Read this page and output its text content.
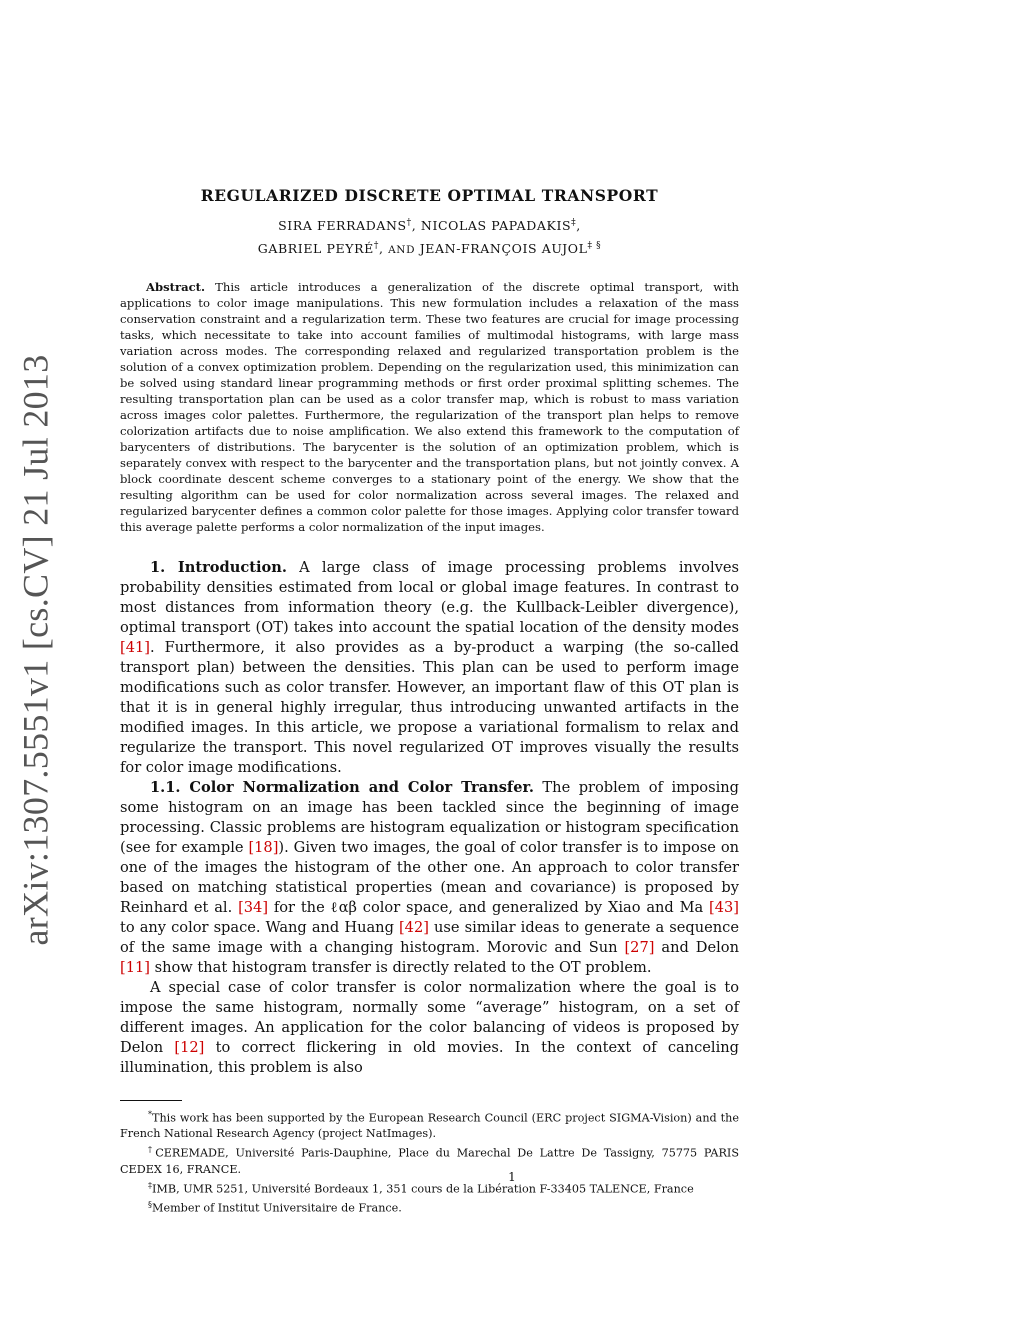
arXiv:1307.5551v1 [cs.CV] 21 Jul 2013
REGULARIZED DISCRETE OPTIMAL TRANSPORT
SIRA FERRADANS†, NICOLAS PAPADAKIS‡,
GABRIEL PEYRÉ†, AND JEAN-FRANÇOIS AUJOL‡ §
Abstract. This article introduces a generalization of the discrete optimal transport, with applications to color image manipulations. This new formulation includes a relaxation of the mass conservation constraint and a regularization term. These two features are crucial for image processing tasks, which necessitate to take into account families of multimodal histograms, with large mass variation across modes. The corresponding relaxed and regularized transportation problem is the solution of a convex optimization problem. Depending on the regularization used, this minimization can be solved using standard linear programming methods or first order proximal splitting schemes. The resulting transportation plan can be used as a color transfer map, which is robust to mass variation across images color palettes. Furthermore, the regularization of the transport plan helps to remove colorization artifacts due to noise amplification. We also extend this framework to the computation of barycenters of distributions. The barycenter is the solution of an optimization problem, which is separately convex with respect to the barycenter and the transportation plans, but not jointly convex. A block coordinate descent scheme converges to a stationary point of the energy. We show that the resulting algorithm can be used for color normalization across several images. The relaxed and regularized barycenter defines a common color palette for those images. Applying color transfer toward this average palette performs a color normalization of the input images.

1. Introduction. A large class of image processing problems involves probability densities estimated from local or global image features. In contrast to most distances from information theory (e.g. the Kullback-Leibler divergence), optimal transport (OT) takes into account the spatial location of the density modes [41]. Furthermore, it also provides as a by-product a warping (the so-called transport plan) between the densities. This plan can be used to perform image modifications such as color transfer. However, an important flaw of this OT plan is that it is in general highly irregular, thus introducing unwanted artifacts in the modified images. In this article, we propose a variational formalism to relax and regularize the transport. This novel regularized OT improves visually the results for color image modifications.

1.1. Color Normalization and Color Transfer. The problem of imposing some histogram on an image has been tackled since the beginning of image processing. Classic problems are histogram equalization or histogram specification (see for example [18]). Given two images, the goal of color transfer is to impose on one of the images the histogram of the other one. An approach to color transfer based on matching statistical properties (mean and covariance) is proposed by Reinhard et al. [34] for the ℓαβ color space, and generalized by Xiao and Ma [43] to any color space. Wang and Huang [42] use similar ideas to generate a sequence of the same image with a changing histogram. Morovic and Sun [27] and Delon [11] show that histogram transfer is directly related to the OT problem.

A special case of color transfer is color normalization where the goal is to impose the same histogram, normally some “average” histogram, on a set of different images. An application for the color balancing of videos is proposed by Delon [12] to correct flickering in old movies. In the context of canceling illumination, this problem is also

*This work has been supported by the European Research Council (ERC project SIGMA-Vision) and the French National Research Agency (project NatImages).

†CEREMADE, Université Paris-Dauphine, Place du Marechal De Lattre De Tassigny, 75775 PARIS CEDEX 16, FRANCE.

‡IMB, UMR 5251, Université Bordeaux 1, 351 cours de la Libération F-33405 TALENCE, France

§Member of Institut Universitaire de France.

1
